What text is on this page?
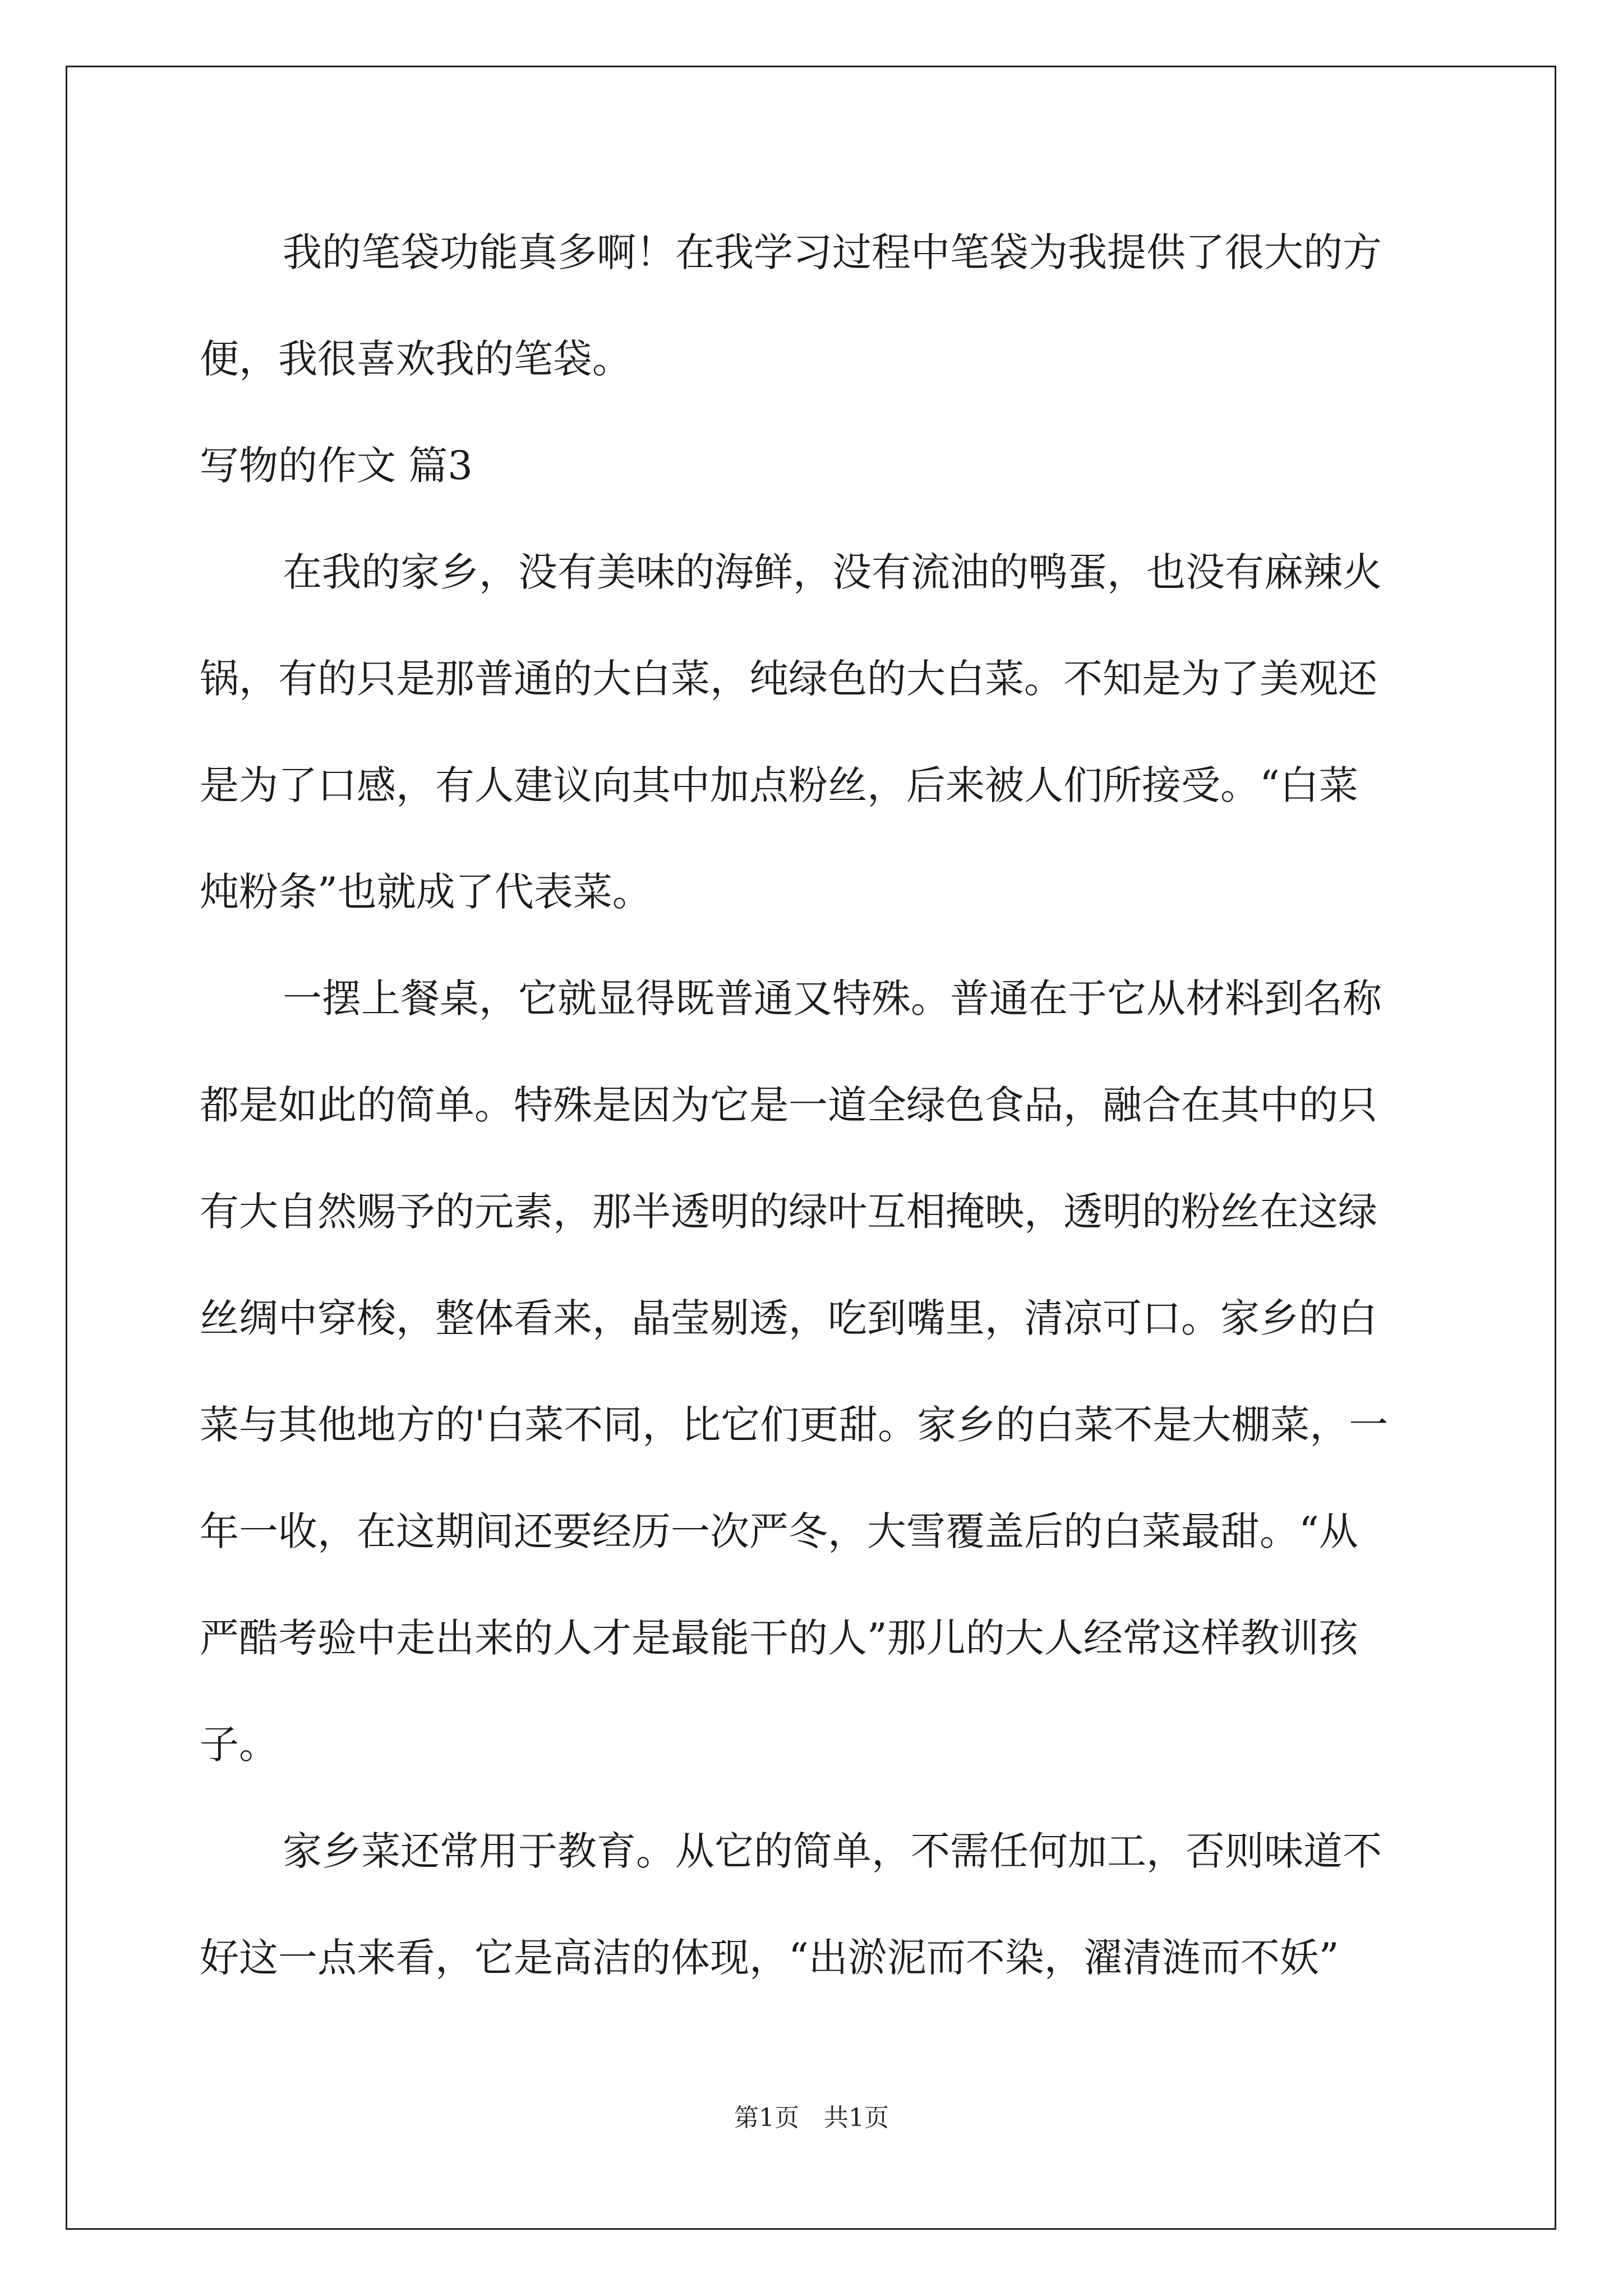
我的笔袋功能真多啊！在我学习过程中笔袋为我提供了很大的方
便，我很喜欢我的笔袋。
写物的作文 篇3
在我的家乡，没有美味的海鲜，没有流油的鸭蛋，也没有麻辣火
锅，有的只是那普通的大白菜，纯绿色的大白菜。不知是为了美观还
是为了口感，有人建议向其中加点粉丝，后来被人们所接受。“白菜
炖粉条”也就成了代表菜。
一摆上餐桌，它就显得既普通又特殊。普通在于它从材料到名称
都是如此的简单。特殊是因为它是一道全绿色食品，融合在其中的只
有大自然赐予的元素，那半透明的绿叶互相掩映，透明的粉丝在这绿
丝绸中穿梭，整体看来，晶莹剔透，吃到嘴里，清凉可口。家乡的白
菜与其他地方的'白菜不同，比它们更甜。家乡的白菜不是大棚菜，一
年一收，在这期间还要经历一次严冬，大雪覆盖后的白菜最甜。“从
严酷考验中走出来的人才是最能干的人”那儿的大人经常这样教训孩
子。
家乡菜还常用于教育。从它的简单，不需任何加工，否则味道不
好这一点来看，它是高洁的体现，“出淤泥而不染，濯清涟而不妖”
第1页　共1页
